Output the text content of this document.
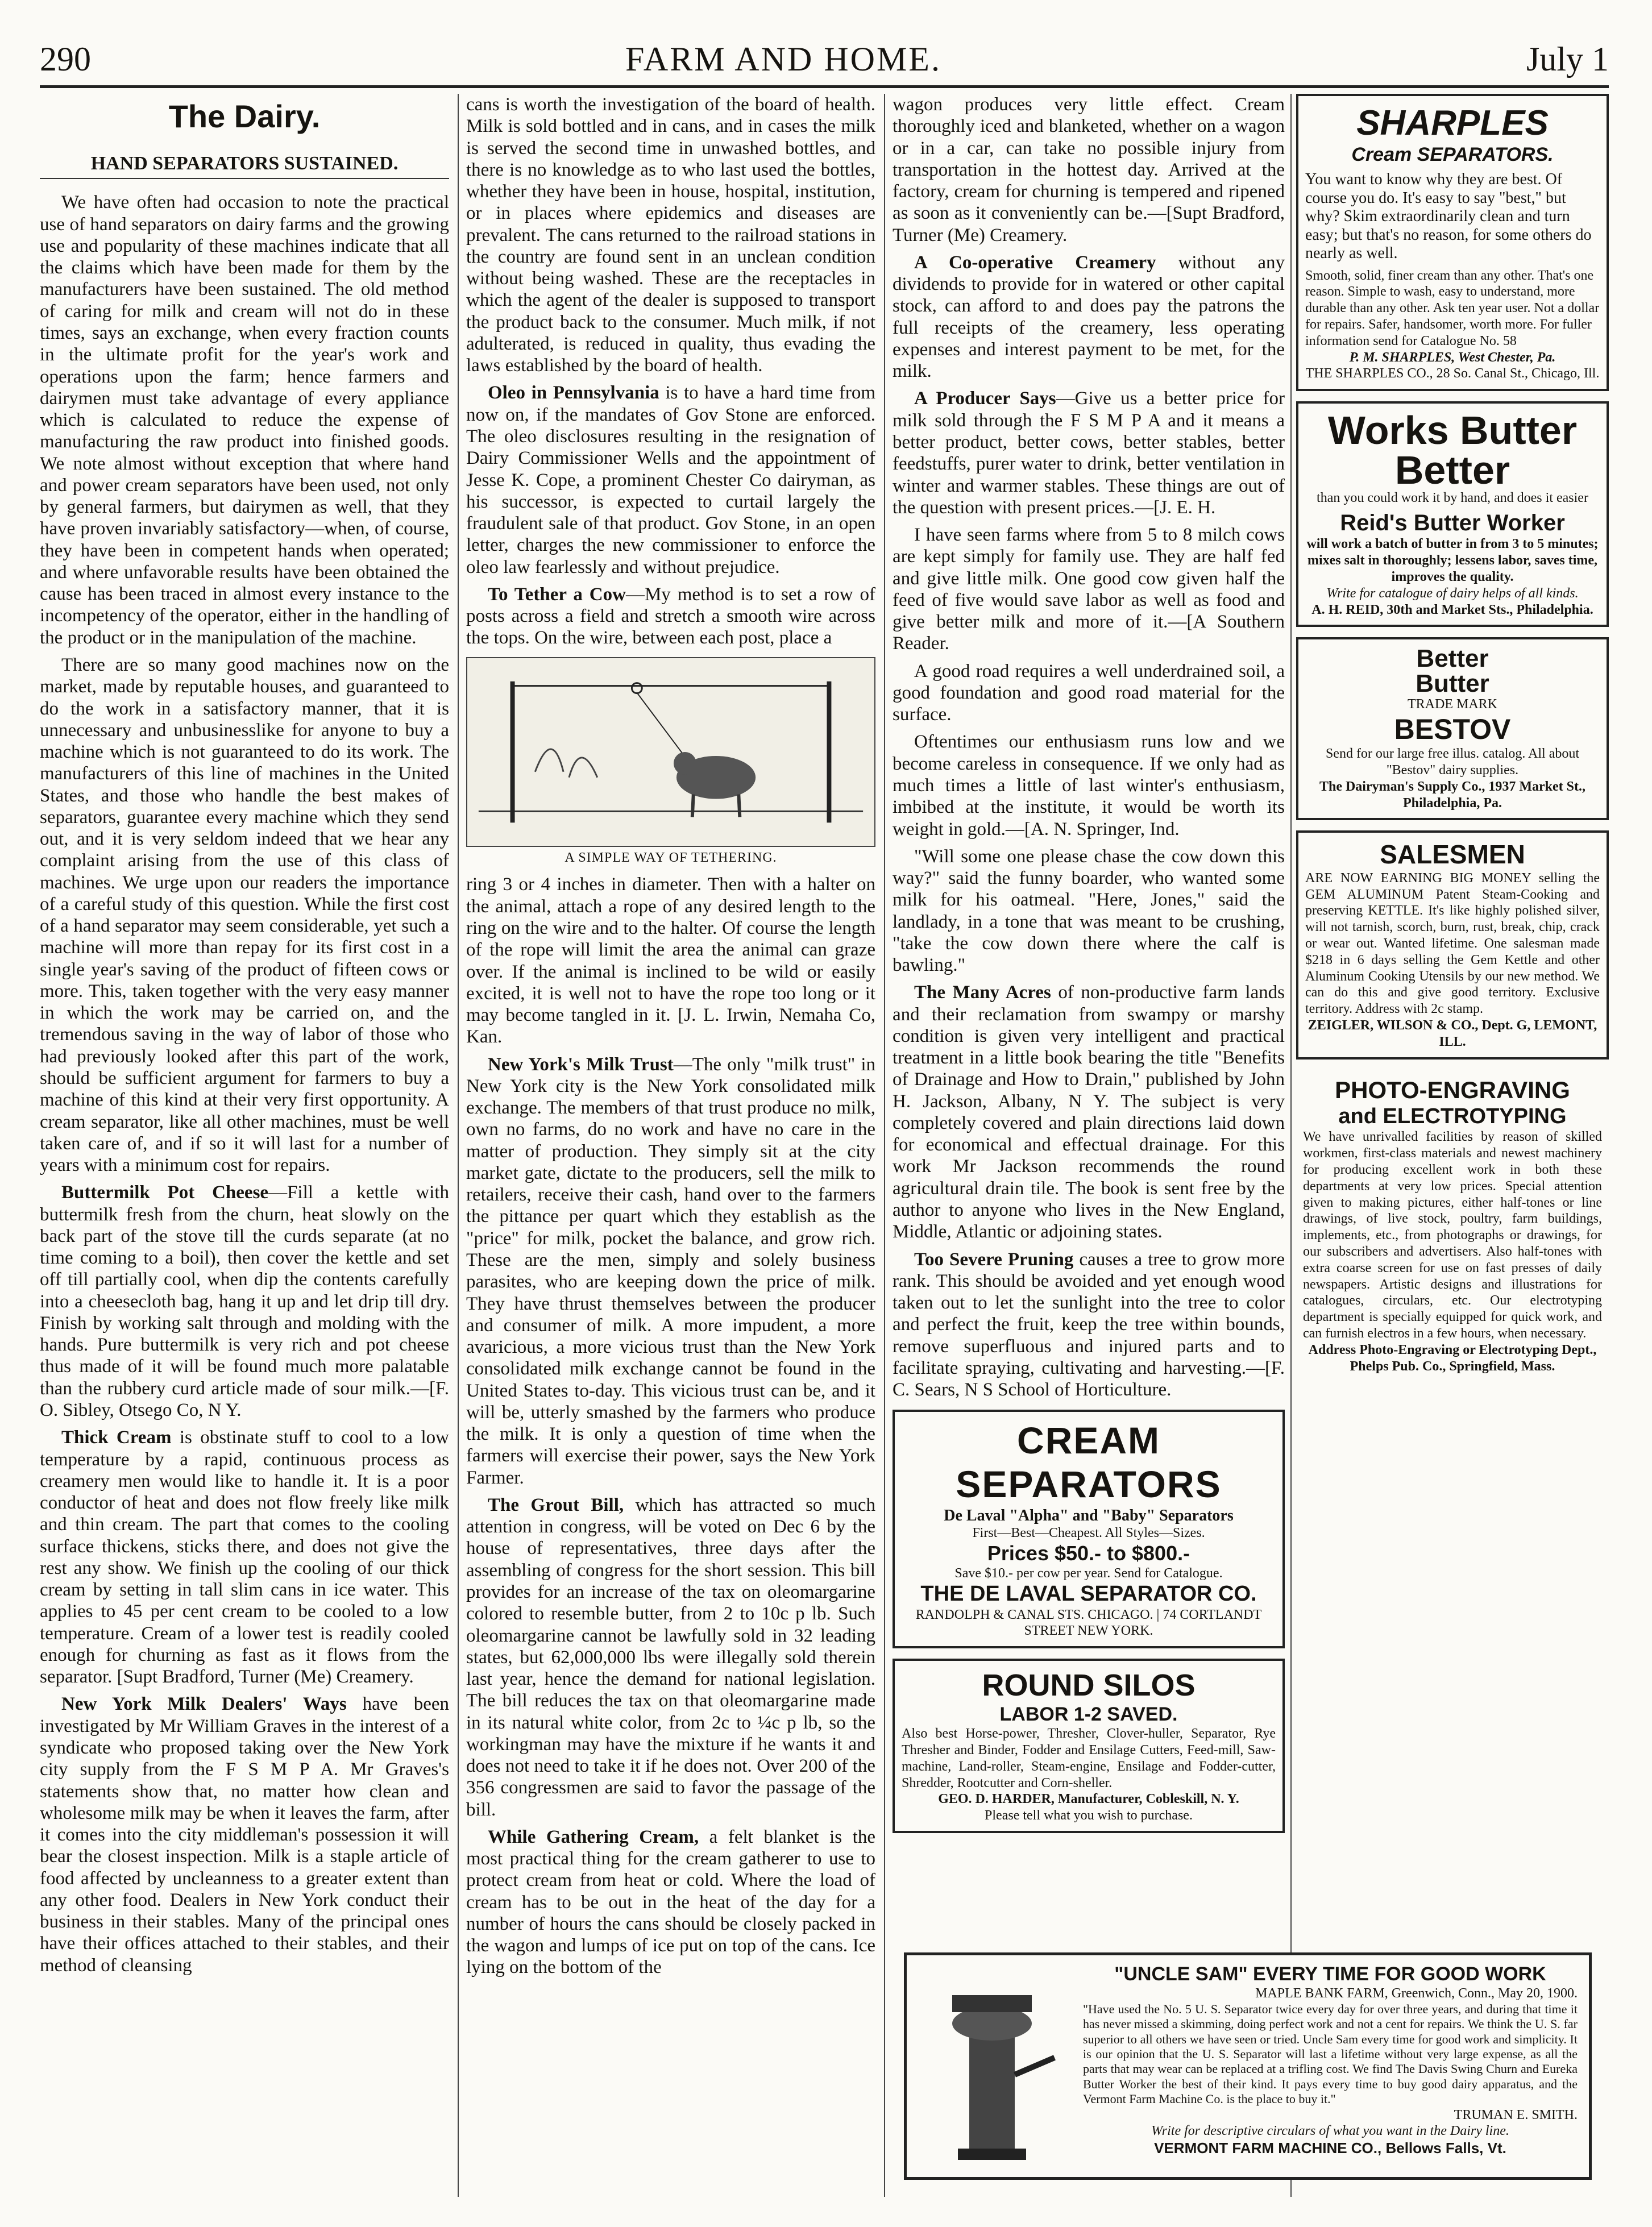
290	FARM AND HOME.	July 1
The Dairy.
HAND SEPARATORS SUSTAINED.

We have often had occasion to note the practical use of hand separators on dairy farms and the growing use and popularity of these machines indicate that all the claims which have been made for them by the manufacturers have been sustained. The old method of caring for milk and cream will not do in these times, says an exchange, when every fraction counts in the ultimate profit for the year's work and operations upon the farm; hence farmers and dairymen must take advantage of every appliance which is calculated to reduce the expense of manufacturing the raw product into finished goods. We note almost without exception that where hand and power cream separators have been used, not only by general farmers, but dairymen as well, that they have proven invariably satisfactory—when, of course, they have been in competent hands when operated; and where unfavorable results have been obtained the cause has been traced in almost every instance to the incompetency of the operator, either in the handling of the product or in the manipulation of the machine.

There are so many good machines now on the market, made by reputable houses, and guaranteed to do the work in a satisfactory manner, that it is unnecessary and unbusinesslike for anyone to buy a machine which is not guaranteed to do its work. The manufacturers of this line of machines in the United States, and those who handle the best makes of separators, guarantee every machine which they send out, and it is very seldom indeed that we hear any complaint arising from the use of this class of machines. We urge upon our readers the importance of a careful study of this question. While the first cost of a hand separator may seem considerable, yet such a machine will more than repay for its first cost in a single year's saving of the product of fifteen cows or more. This, taken together with the very easy manner in which the work may be carried on, and the tremendous saving in the way of labor of those who had previously looked after this part of the work, should be sufficient argument for farmers to buy a machine of this kind at their very first opportunity. A cream separator, like all other machines, must be well taken care of, and if so it will last for a number of years with a minimum cost for repairs.

Buttermilk Pot Cheese—Fill a kettle with buttermilk fresh from the churn, heat slowly on the back part of the stove till the curds separate (at no time coming to a boil), then cover the kettle and set off till partially cool, when dip the contents carefully into a cheesecloth bag, hang it up and let drip till dry. Finish by working salt through and molding with the hands. Pure buttermilk is very rich and pot cheese thus made of it will be found much more palatable than the rubbery curd article made of sour milk.—[F. O. Sibley, Otsego Co, N Y.

Thick Cream is obstinate stuff to cool to a low temperature by a rapid, continuous process as creamery men would like to handle it. It is a poor conductor of heat and does not flow freely like milk and thin cream. The part that comes to the cooling surface thickens, sticks there, and does not give the rest any show. We finish up the cooling of our thick cream by setting in tall slim cans in ice water. This applies to 45 per cent cream to be cooled to a low temperature. Cream of a lower test is readily cooled enough for churning as fast as it flows from the separator. [Supt Bradford, Turner (Me) Creamery.

New York Milk Dealers' Ways have been investigated by Mr William Graves in the interest of a syndicate who proposed taking over the New York city supply from the F S M P A. Mr Graves's statements show that, no matter how clean and wholesome milk may be when it leaves the farm, after it comes into the city middleman's possession it will bear the closest inspection. Milk is a staple article of food affected by uncleanness to a greater extent than any other food. Dealers in New York conduct their business in their stables. Many of the principal ones have their offices attached to their stables, and their method of cleansing

cans is worth the investigation of the board of health. Milk is sold bottled and in cans, and in cases the milk is served the second time in unwashed bottles, and there is no knowledge as to who last used the bottles, whether they have been in house, hospital, institution, or in places where epidemics and diseases are prevalent. The cans returned to the railroad stations in the country are found sent in an unclean condition without being washed. These are the receptacles in which the agent of the dealer is supposed to transport the product back to the consumer. Much milk, if not adulterated, is reduced in quality, thus evading the laws established by the board of health.

Oleo in Pennsylvania is to have a hard time from now on, if the mandates of Gov Stone are enforced. The oleo disclosures resulting in the resignation of Dairy Commissioner Wells and the appointment of Jesse K. Cope, a prominent Chester Co dairyman, as his successor, is expected to curtail largely the fraudulent sale of that product. Gov Stone, in an open letter, charges the new commissioner to enforce the oleo law fearlessly and without prejudice.

To Tether a Cow—My method is to set a row of posts across a field and stretch a smooth wire across the tops. On the wire, between each post, place a

A SIMPLE WAY OF TETHERING.

ring 3 or 4 inches in diameter. Then with a halter on the animal, attach a rope of any desired length to the ring on the wire and to the halter. Of course the length of the rope will limit the area the animal can graze over. If the animal is inclined to be wild or easily excited, it is well not to have the rope too long or it may become tangled in it. [J. L. Irwin, Nemaha Co, Kan.

New York's Milk Trust—The only "milk trust" in New York city is the New York consolidated milk exchange. The members of that trust produce no milk, own no farms, do no work and have no care in the matter of production. They simply sit at the city market gate, dictate to the producers, sell the milk to retailers, receive their cash, hand over to the farmers the pittance per quart which they establish as the "price" for milk, pocket the balance, and grow rich. These are the men, simply and solely business parasites, who are keeping down the price of milk. They have thrust themselves between the producer and consumer of milk. A more impudent, a more avaricious, a more vicious trust than the New York consolidated milk exchange cannot be found in the United States to-day. This vicious trust can be, and it will be, utterly smashed by the farmers who produce the milk. It is only a question of time when the farmers will exercise their power, says the New York Farmer.

The Grout Bill, which has attracted so much attention in congress, will be voted on Dec 6 by the house of representatives, three days after the assembling of congress for the short session. This bill provides for an increase of the tax on oleomargarine colored to resemble butter, from 2 to 10c p lb. Such oleomargarine cannot be lawfully sold in 32 leading states, but 62,000,000 lbs were illegally sold therein last year, hence the demand for national legislation. The bill reduces the tax on that oleomargarine made in its natural white color, from 2c to ¼c p lb, so the workingman may have the mixture if he wants it and does not need to take it if he does not. Over 200 of the 356 congressmen are said to favor the passage of the bill.

While Gathering Cream, a felt blanket is the most practical thing for the cream gatherer to use to protect cream from heat or cold. Where the load of cream has to be out in the heat of the day for a number of hours the cans should be closely packed in the wagon and lumps of ice put on top of the cans. Ice lying on the bottom of the

wagon produces very little effect. Cream thoroughly iced and blanketed, whether on a wagon or in a car, can take no possible injury from transportation in the hottest day. Arrived at the factory, cream for churning is tempered and ripened as soon as it conveniently can be.—[Supt Bradford, Turner (Me) Creamery.

A Co-operative Creamery without any dividends to provide for in watered or other capital stock, can afford to and does pay the patrons the full receipts of the creamery, less operating expenses and interest payment to be met, for the milk.

A Producer Says—Give us a better price for milk sold through the F S M P A and it means a better product, better cows, better stables, better feedstuffs, purer water to drink, better ventilation in winter and warmer stables. These things are out of the question with present prices.—[J. E. H.

I have seen farms where from 5 to 8 milch cows are kept simply for family use. They are half fed and give little milk. One good cow given half the feed of five would save labor as well as food and give better milk and more of it.—[A Southern Reader.

A good road requires a well underdrained soil, a good foundation and good road material for the surface.

Oftentimes our enthusiasm runs low and we become careless in consequence. If we only had as much times a little of last winter's enthusiasm, imbibed at the institute, it would be worth its weight in gold.—[A. N. Springer, Ind.

"Will some one please chase the cow down this way?" said the funny boarder, who wanted some milk for his oatmeal. "Here, Jones," said the landlady, in a tone that was meant to be crushing, "take the cow down there where the calf is bawling."

The Many Acres of non-productive farm lands and their reclamation from swampy or marshy condition is given very intelligent and practical treatment in a little book bearing the title "Benefits of Drainage and How to Drain," published by John H. Jackson, Albany, N Y. The subject is very completely covered and plain directions laid down for economical and effectual drainage. For this work Mr Jackson recommends the round agricultural drain tile. The book is sent free by the author to anyone who lives in the New England, Middle, Atlantic or adjoining states.

Too Severe Pruning causes a tree to grow more rank. This should be avoided and yet enough wood taken out to let the sunlight into the tree to color and perfect the fruit, keep the tree within bounds, remove superfluous and injured parts and to facilitate spraying, cultivating and harvesting.—[F. C. Sears, N S School of Horticulture.

CREAM SEPARATORS
De Laval "Alpha" and "Baby" Separators
First—Best—Cheapest. All Styles—Sizes.
Prices $50.- to $800.-
Save $10.- per cow per year. Send for Catalogue.
THE DE LAVAL SEPARATOR CO.
RANDOLPH & CANAL STS. CHICAGO. | 74 CORTLANDT STREET NEW YORK.
ROUND SILOS
LABOR 1-2 SAVED.
Also best Horse-power, Thresher, Clover-huller, Separator, Rye Thresher and Binder, Fodder and Ensilage Cutters, Feed-mill, Saw-machine, Land-roller, Steam-engine, Ensilage and Fodder-cutter, Shredder, Rootcutter and Corn-sheller.
GEO. D. HARDER, Manufacturer, Cobleskill, N. Y.
Please tell what you wish to purchase.
SHARPLES
Cream SEPARATORS.
You want to know why they are best. Of course you do. It's easy to say "best," but why? Skim extraordinarily clean and turn easy; but that's no reason, for some others do nearly as well.
Smooth, solid, finer cream than any other. That's one reason. Simple to wash, easy to understand, more durable than any other. Ask ten year user. Not a dollar for repairs. Safer, handsomer, worth more. For fuller information send for Catalogue No. 58
P. M. SHARPLES, West Chester, Pa.
THE SHARPLES CO., 28 So. Canal St., Chicago, Ill.
Works Butter
Better
than you could work it by hand, and does it easier
Reid's Butter Worker
will work a batch of butter in from 3 to 5 minutes; mixes salt in thoroughly; lessens labor, saves time, improves the quality.
Write for catalogue of dairy helps of all kinds.
A. H. REID, 30th and Market Sts., Philadelphia.
Better
Butter
TRADE MARK
BESTOV
Send for our large free illus. catalog. All about "Bestov" dairy supplies.
The Dairyman's Supply Co., 1937 Market St., Philadelphia, Pa.
SALESMEN
ARE NOW EARNING BIG MONEY selling the GEM ALUMINUM Patent Steam-Cooking and preserving KETTLE. It's like highly polished silver, will not tarnish, scorch, burn, rust, break, chip, crack or wear out. Wanted lifetime. One salesman made $218 in 6 days selling the Gem Kettle and other Aluminum Cooking Utensils by our new method. We can do this and give good territory. Exclusive territory. Address with 2c stamp.
ZEIGLER, WILSON & CO., Dept. G, LEMONT, ILL.
PHOTO-ENGRAVING
and ELECTROTYPING
We have unrivalled facilities by reason of skilled workmen, first-class materials and newest machinery for producing excellent work in both these departments at very low prices. Special attention given to making pictures, either half-tones or line drawings, of live stock, poultry, farm buildings, implements, etc., from photographs or drawings, for our subscribers and advertisers. Also half-tones with extra coarse screen for use on fast presses of daily newspapers. Artistic designs and illustrations for catalogues, circulars, etc. Our electrotyping department is specially equipped for quick work, and can furnish electros in a few hours, when necessary.
Address Photo-Engraving or Electrotyping Dept., Phelps Pub. Co., Springfield, Mass.
"UNCLE SAM" EVERY TIME FOR GOOD WORK
MAPLE BANK FARM, Greenwich, Conn., May 20, 1900.
"Have used the No. 5 U. S. Separator twice every day for over three years, and during that time it has never missed a skimming, doing perfect work and not a cent for repairs. We think the U. S. far superior to all others we have seen or tried. Uncle Sam every time for good work and simplicity. It is our opinion that the U. S. Separator will last a lifetime without very large expense, as all the parts that may wear can be replaced at a trifling cost. We find The Davis Swing Churn and Eureka Butter Worker the best of their kind. It pays every time to buy good dairy apparatus, and the Vermont Farm Machine Co. is the place to buy it."
TRUMAN E. SMITH.
Write for descriptive circulars of what you want in the Dairy line.
VERMONT FARM MACHINE CO., Bellows Falls, Vt.
